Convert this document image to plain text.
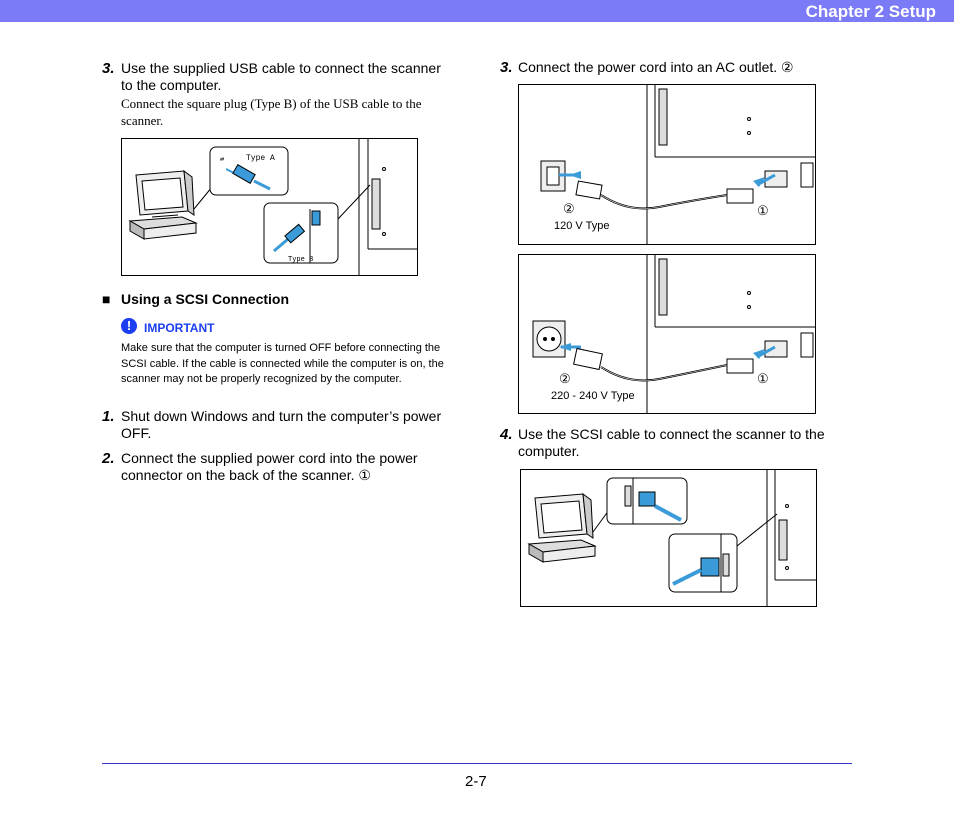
Chapter 2 Setup
3. Use the supplied USB cable to connect the scanner to the computer.
Connect the square plug (Type B) of the USB cable to the scanner.
Type A
⇄
Type B
■ Using a SCSI Connection
!	IMPORTANT
Make sure that the computer is turned OFF before connecting the SCSI cable. If the cable is connected while the computer is on, the scanner may not be properly recognized by the computer.
1. Shut down Windows and turn the computer’s power OFF.
2. Connect the supplied power cord into the power connector on the back of the scanner. ①
3. Connect the power cord into an AC outlet. ②
②	①
120 V Type
②	①
220 - 240 V Type
4. Use the SCSI cable to connect the scanner to the computer.
2-7
